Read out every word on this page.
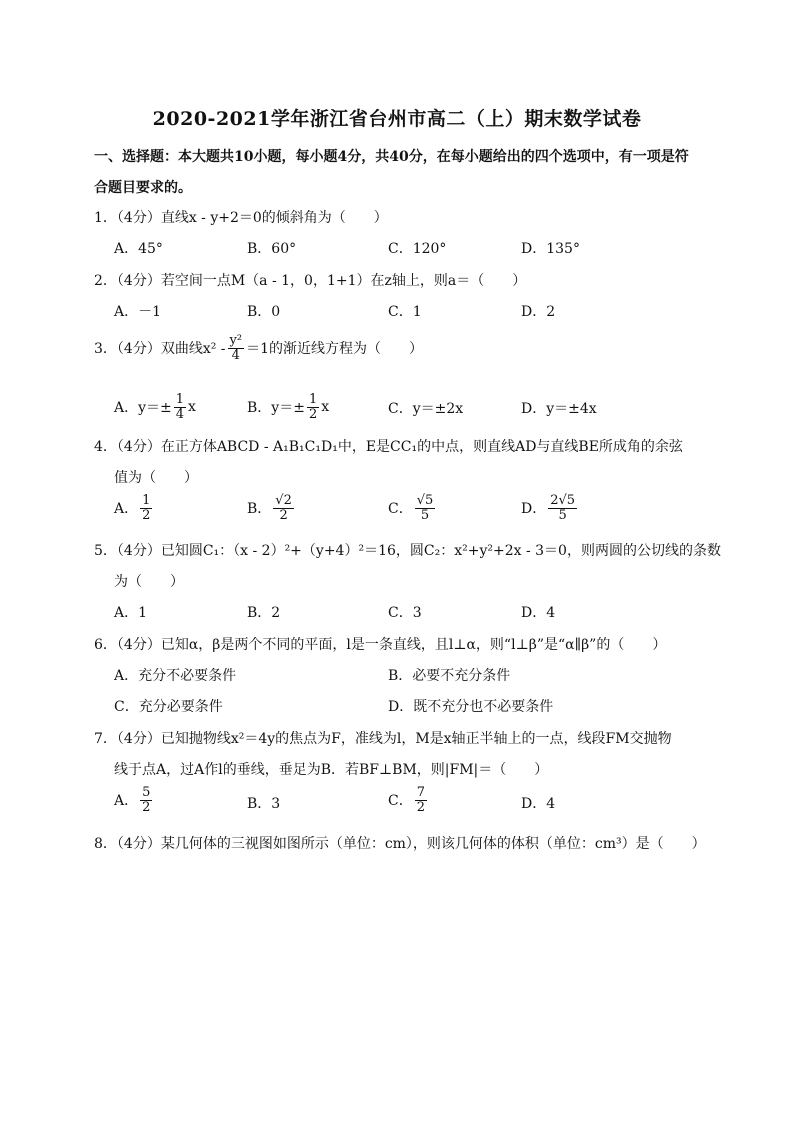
2020-2021学年浙江省台州市高二（上）期末数学试卷
一、选择题：本大题共10小题，每小题4分，共40分，在每小题给出的四个选项中，有一项是符
合题目要求的。
1．（4分）直线x - y+2＝0的倾斜角为（　　）
A．45°	B．60°	C．120°	D．135°
2．（4分）若空间一点M（a - 1，0，1+1）在z轴上，则a＝（　　）
A．－1	B．0	C．1	D．2
3．（4分）双曲线$x^2 - \frac{\text{y²}}{4} =1$的渐近线方程为（　　）
A．$y=\pm \frac{1}{4}$ x	B．$y=\pm \frac{1}{2}$ x	C．y＝±2x	D．y＝±4x
4．（4分）在正方体ABCD - A₁B₁C₁D₁中，E是CC₁的中点，则直线AD与直线BE所成角的余弦
值为（　　）
A． $\frac{1}{2}$	B． $\frac{√2}{2}$	C． $\frac{√5}{5}$	D． $\frac{2√5}{5}$
5．（4分）已知圆C₁：（x - 2）²+（y+4）²＝16，圆C₂：x²+y²+2x - 3＝0，则两圆的公切线的条数
为（　　）
A．1	B．2	C．3	D．4
6．（4分）已知α，β是两个不同的平面，l是一条直线，且l⊥α，则“l⊥β”是“α∥β”的（　　）
A．充分不必要条件	B．必要不充分条件
C．充分必要条件	D．既不充分也不必要条件
7．（4分）已知抛物线x²＝4y的焦点为F，准线为l，M是x轴正半轴上的一点，线段FM交抛物
线于点A，过A作l的垂线，垂足为B．若BF⊥BM，则|FM|＝（　　）
A． $\frac{5}{2}$	B．3	C． $\frac{7}{2}$	D．4
8．（4分）某几何体的三视图如图所示（单位：cm），则该几何体的体积（单位：cm³）是（　　）
